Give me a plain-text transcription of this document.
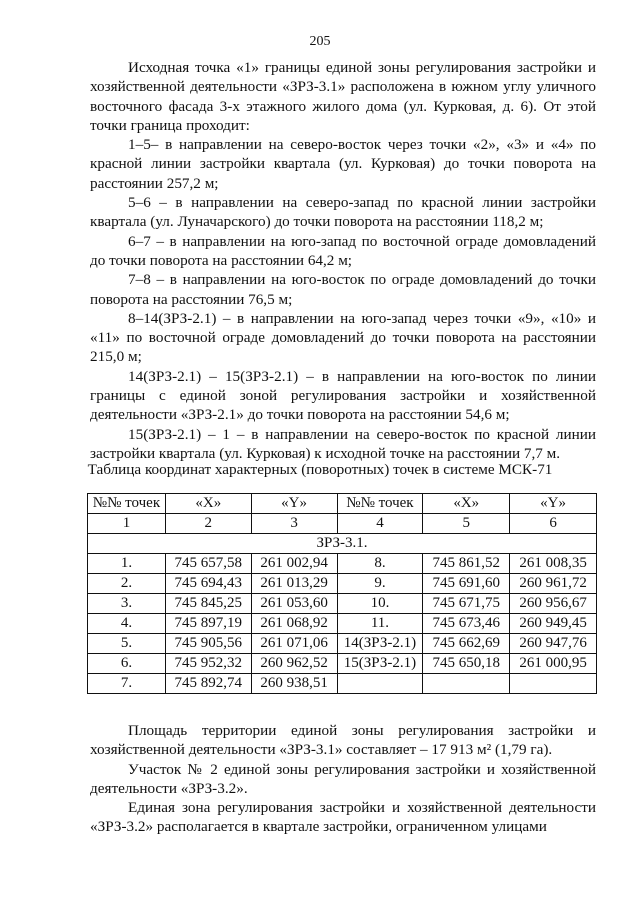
205

Исходная точка «1» границы единой зоны регулирования застройки и хозяйственной деятельности «ЗРЗ-3.1» расположена в южном углу уличного восточного фасада 3-х этажного жилого дома (ул. Курковая, д. 6). От этой точки граница проходит:

1–5– в направлении на северо-восток через точки «2», «3» и «4» по красной линии застройки квартала (ул. Курковая) до точки поворота на расстоянии 257,2 м;

5–6 – в направлении на северо-запад по красной линии застройки квартала (ул. Луначарского) до точки поворота на расстоянии 118,2 м;

6–7 – в направлении на юго-запад по восточной ограде домовладений до точки поворота на расстоянии 64,2 м;

7–8 – в направлении на юго-восток по ограде домовладений до точки поворота на расстоянии 76,5 м;

8–14(ЗРЗ-2.1) – в направлении на юго-запад через точки «9», «10» и «11» по восточной ограде домовладений до точки поворота на расстоянии 215,0 м;

14(ЗРЗ-2.1) – 15(ЗРЗ-2.1) – в направлении на юго-восток по линии границы с единой зоной регулирования застройки и хозяйственной деятельности «ЗРЗ-2.1» до точки поворота на расстоянии 54,6 м;

15(ЗРЗ-2.1) – 1 – в направлении на северо-восток по красной линии застройки квартала (ул. Курковая) к исходной точке на расстоянии 7,7 м.

Таблица координат характерных (поворотных) точек в системе МСК-71
№№ точек	«X»	«Y»	№№ точек	«X»	«Y»
1	2	3	4	5	6
ЗРЗ-3.1.					
1.	745 657,58	261 002,94	8.	745 861,52	261 008,35
2.	745 694,43	261 013,29	9.	745 691,60	260 961,72
3.	745 845,25	261 053,60	10.	745 671,75	260 956,67
4.	745 897,19	261 068,92	11.	745 673,46	260 949,45
5.	745 905,56	261 071,06	14(ЗРЗ-2.1)	745 662,69	260 947,76
6.	745 952,32	260 962,52	15(ЗРЗ-2.1)	745 650,18	261 000,95
7.	745 892,74	260 938,51			

Площадь территории единой зоны регулирования застройки и хозяйственной деятельности «ЗРЗ-3.1» составляет – 17 913 м² (1,79 га).

Участок № 2 единой зоны регулирования застройки и хозяйственной деятельности «ЗРЗ-3.2».

Единая зона регулирования застройки и хозяйственной деятельности «ЗРЗ-3.2» располагается в квартале застройки, ограниченном улицами
